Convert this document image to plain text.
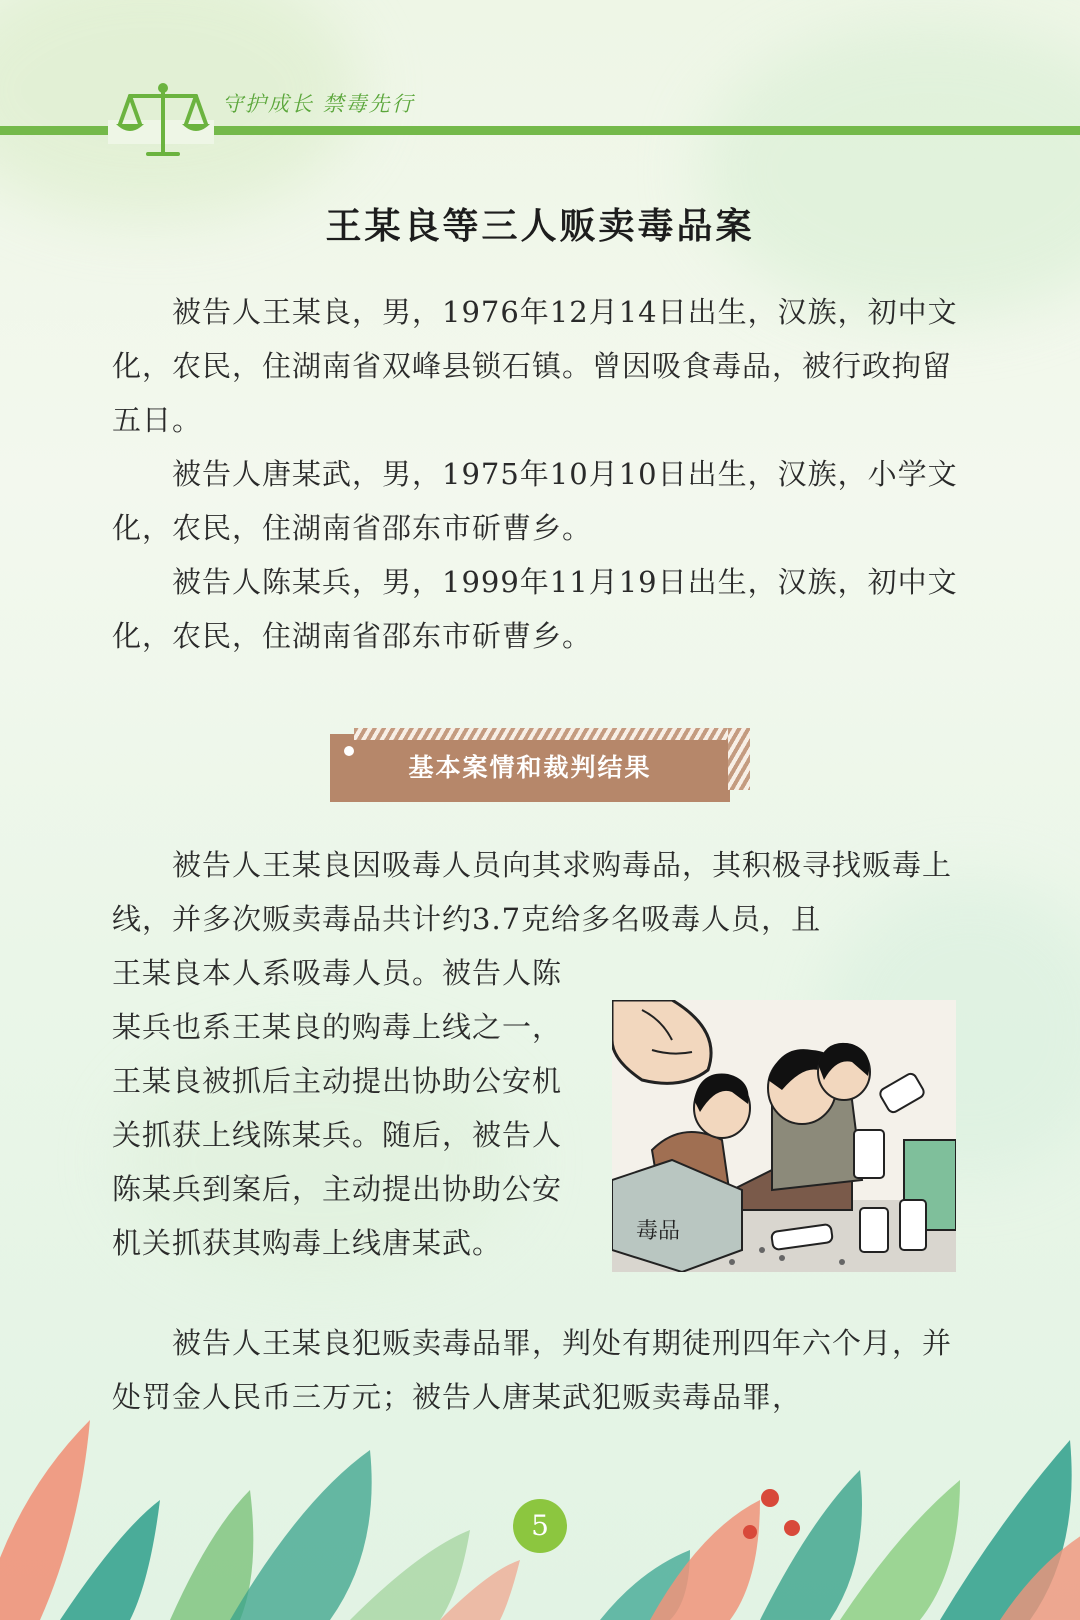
守护成长 禁毒先行
王某良等三人贩卖毒品案
被告人王某良，男，1976年12月14日出生，汉族，初中文化，农民，住湖南省双峰县锁石镇。曾因吸食毒品，被行政拘留五日。
被告人唐某武，男，1975年10月10日出生，汉族，小学文化，农民，住湖南省邵东市斫曹乡。
被告人陈某兵，男，1999年11月19日出生，汉族，初中文化，农民，住湖南省邵东市斫曹乡。
基本案情和裁判结果
被告人王某良因吸毒人员向其求购毒品，其积极寻找贩毒上线，并多次贩卖毒品共计约3.7克给多名吸毒人员，且
王某良本人系吸毒人员。被告人陈某兵也系王某良的购毒上线之一，王某良被抓后主动提出协助公安机关抓获上线陈某兵。随后，被告人陈某兵到案后，主动提出协助公安机关抓获其购毒上线唐某武。	毒品
被告人王某良犯贩卖毒品罪，判处有期徒刑四年六个月，并处罚金人民币三万元；被告人唐某武犯贩卖毒品罪，
5
